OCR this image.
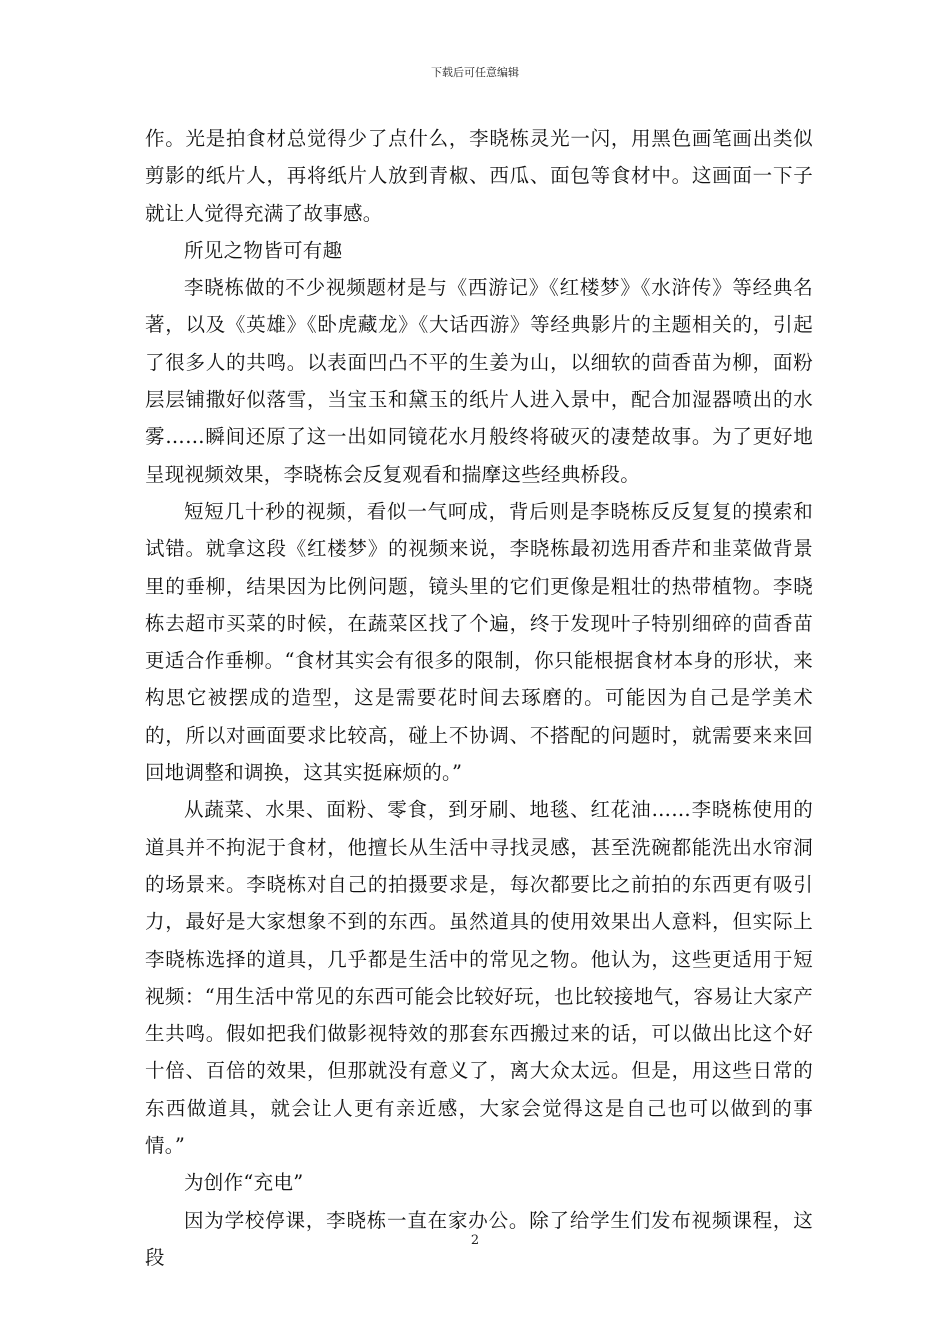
下载后可任意编辑

作。光是拍食材总觉得少了点什么，李晓栋灵光一闪，用黑色画笔画出类似剪影的纸片人，再将纸片人放到青椒、西瓜、面包等食材中。这画面一下子就让人觉得充满了故事感。

所见之物皆可有趣

李晓栋做的不少视频题材是与《西游记》《红楼梦》《水浒传》等经典名著，以及《英雄》《卧虎藏龙》《大话西游》等经典影片的主题相关的，引起了很多人的共鸣。以表面凹凸不平的生姜为山，以细软的茴香苗为柳，面粉层层铺撒好似落雪，当宝玉和黛玉的纸片人进入景中，配合加湿器喷出的水雾……瞬间还原了这一出如同镜花水月般终将破灭的凄楚故事。为了更好地呈现视频效果，李晓栋会反复观看和揣摩这些经典桥段。

短短几十秒的视频，看似一气呵成，背后则是李晓栋反反复复的摸索和试错。就拿这段《红楼梦》的视频来说，李晓栋最初选用香芹和韭菜做背景里的垂柳，结果因为比例问题，镜头里的它们更像是粗壮的热带植物。李晓栋去超市买菜的时候，在蔬菜区找了个遍，终于发现叶子特别细碎的茴香苗更适合作垂柳。“食材其实会有很多的限制，你只能根据食材本身的形状，来构思它被摆成的造型，这是需要花时间去琢磨的。可能因为自己是学美术的，所以对画面要求比较高，碰上不协调、不搭配的问题时，就需要来来回回地调整和调换，这其实挺麻烦的。”

从蔬菜、水果、面粉、零食，到牙刷、地毯、红花油……李晓栋使用的道具并不拘泥于食材，他擅长从生活中寻找灵感，甚至洗碗都能洗出水帘洞的场景来。李晓栋对自己的拍摄要求是，每次都要比之前拍的东西更有吸引力，最好是大家想象不到的东西。虽然道具的使用效果出人意料，但实际上李晓栋选择的道具，几乎都是生活中的常见之物。他认为，这些更适用于短视频：“用生活中常见的东西可能会比较好玩，也比较接地气，容易让大家产生共鸣。假如把我们做影视特效的那套东西搬过来的话，可以做出比这个好十倍、百倍的效果，但那就没有意义了，离大众太远。但是，用这些日常的东西做道具，就会让人更有亲近感，大家会觉得这是自己也可以做到的事情。”

为创作“充电”

因为学校停课，李晓栋一直在家办公。除了给学生们发布视频课程，这段

2
